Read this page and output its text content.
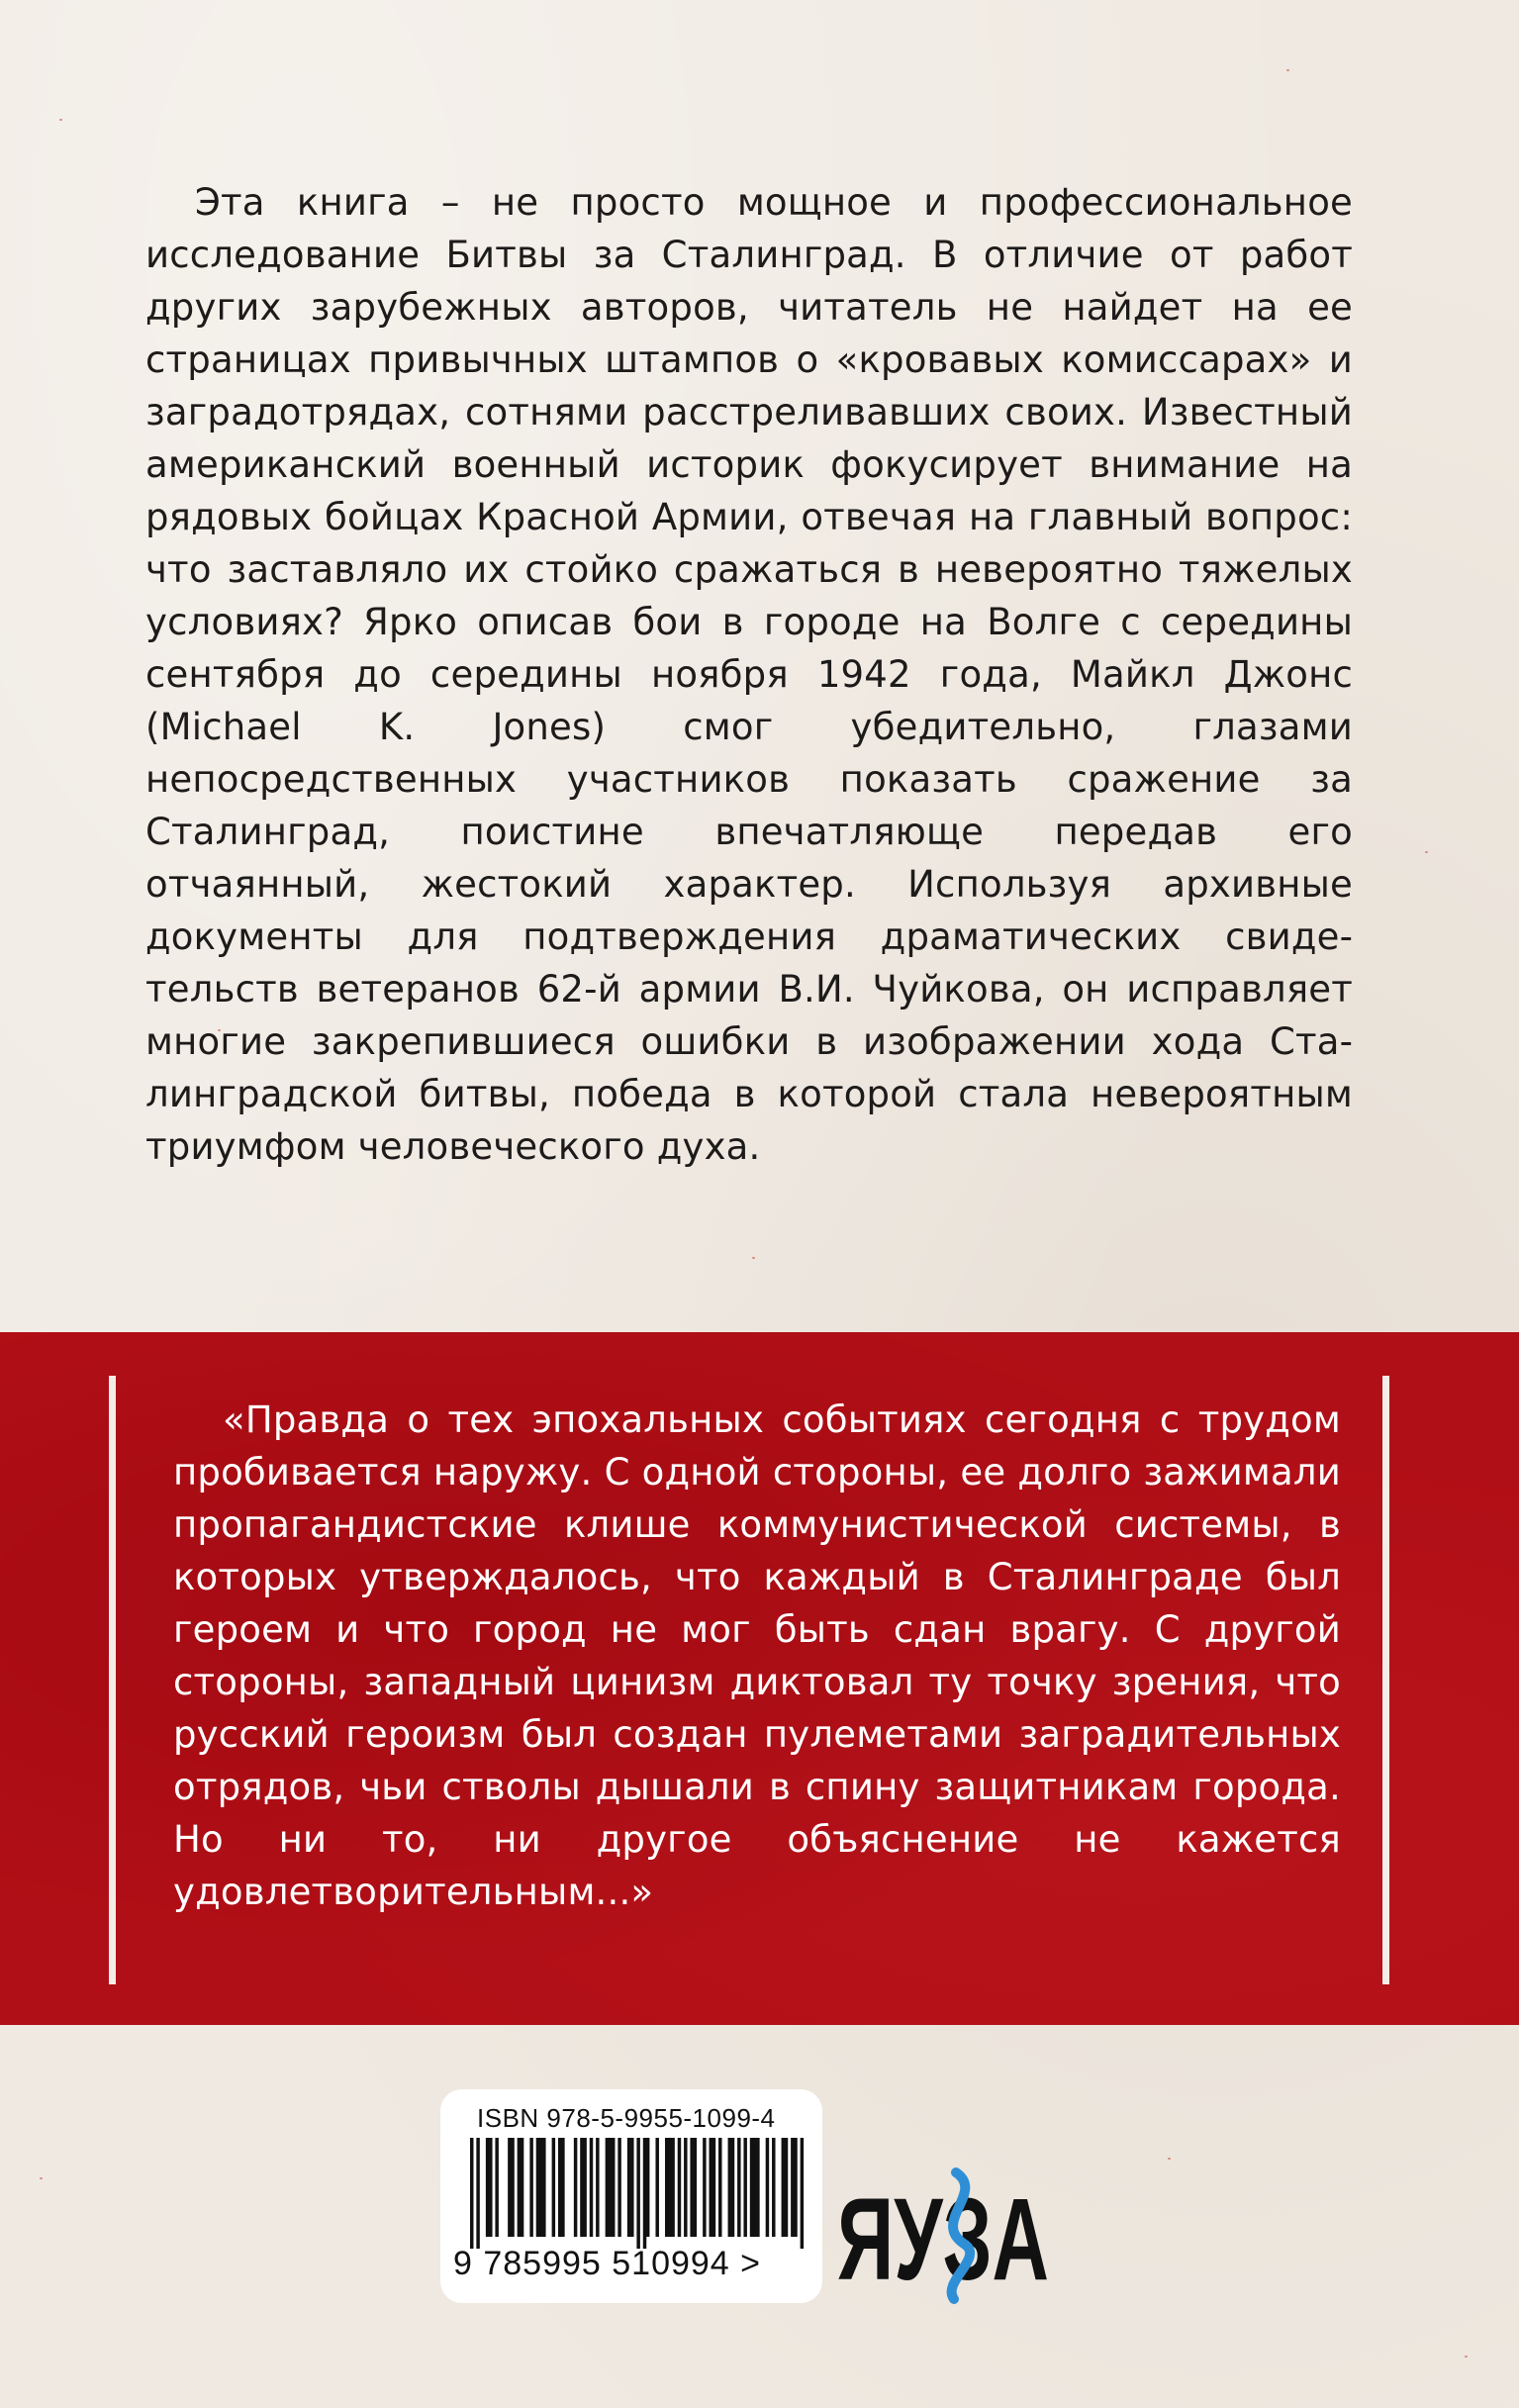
Эта книга – не просто мощное и профессиональное исследование Битвы за Сталинград. В отличие от работ других зарубежных авторов, читатель не найдет на ее страницах привычных штампов о «кровавых комиссарах» и заградотрядах, сотнями расстреливавших своих. Известный американский военный историк фокусирует внимание на рядовых бойцах Красной Армии, отвечая на главный вопрос: что заставляло их стойко сражаться в невероятно тяжелых условиях? Ярко описав бои в городе на Волге с середины сентября до середины ноября 1942 года, Майкл Джонс (Michael K. Jones) смог убедительно, глазами непосредственных участников показать сражение за Сталинград, поистине впечатляюще передав его отчаянный, жестокий характер. Используя архивные документы для подтверждения драматических свидетельств ветеранов 62-й армии В.И. Чуйкова, он исправляет многие закрепившиеся ошибки в изображении хода Сталинградской битвы, победа в которой стала невероятным триумфом человеческого духа.
«Правда о тех эпохальных событиях сегодня с трудом пробивается наружу. С одной стороны, ее долго зажимали пропагандистские клише коммунистической системы, в которых утверждалось, что каждый в Сталинграде был героем и что город не мог быть сдан врагу. С другой стороны, западный цинизм диктовал ту точку зрения, что русский героизм был создан пулеметами заградительных отрядов, чьи стволы дышали в спину защитникам города. Но ни то, ни другое объяснение не кажется удовлетворительным...»
ISBN 978-5-9955-1099-4
9 785995 510994 > ЯУЗА
